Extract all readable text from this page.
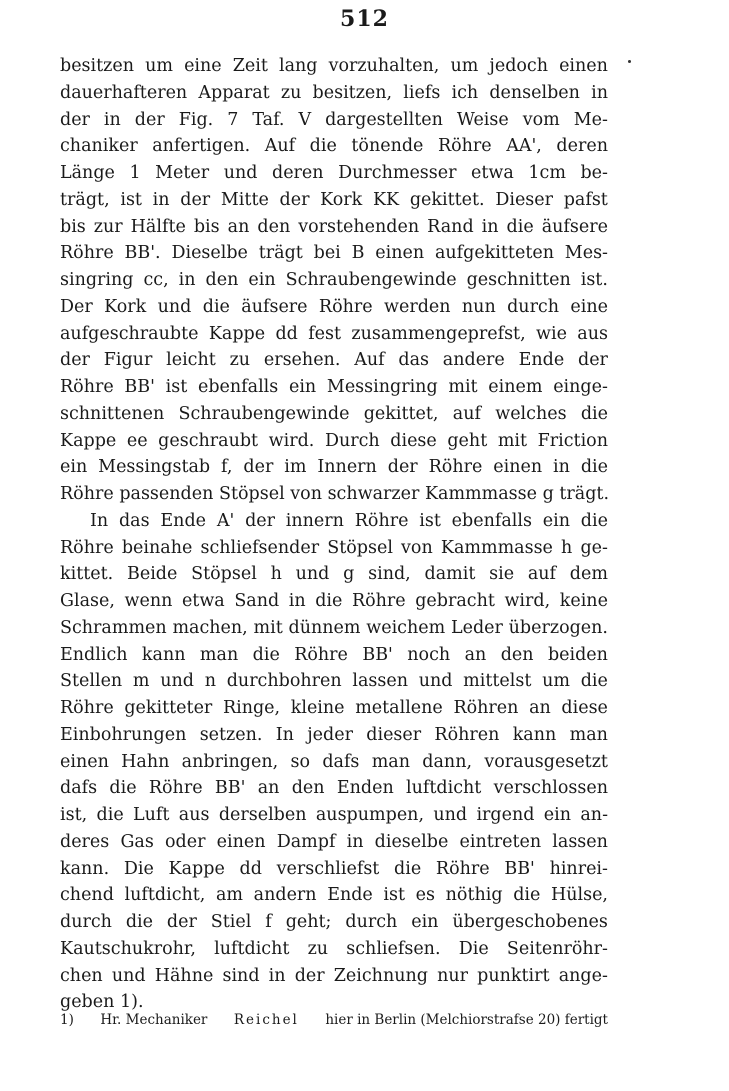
512
besitzen um eine Zeit lang vorzuhalten, um jedoch einen
dauerhafteren Apparat zu besitzen, liefs ich denselben in
der in der Fig. 7 Taf. V dargestellten Weise vom Me-
chaniker anfertigen. Auf die tönende Röhre AA', deren
Länge 1 Meter und deren Durchmesser etwa 1cm be-
trägt, ist in der Mitte der Kork KK gekittet. Dieser pafst
bis zur Hälfte bis an den vorstehenden Rand in die äufsere
Röhre BB'. Dieselbe trägt bei B einen aufgekitteten Mes-
singring cc, in den ein Schraubengewinde geschnitten ist.
Der Kork und die äufsere Röhre werden nun durch eine
aufgeschraubte Kappe dd fest zusammengeprefst, wie aus
der Figur leicht zu ersehen. Auf das andere Ende der
Röhre BB' ist ebenfalls ein Messingring mit einem einge-
schnittenen Schraubengewinde gekittet, auf welches die
Kappe ee geschraubt wird. Durch diese geht mit Friction
ein Messingstab f, der im Innern der Röhre einen in die
Röhre passenden Stöpsel von schwarzer Kammmasse g trägt.
In das Ende A' der innern Röhre ist ebenfalls ein die
Röhre beinahe schliefsender Stöpsel von Kammmasse h ge-
kittet. Beide Stöpsel h und g sind, damit sie auf dem
Glase, wenn etwa Sand in die Röhre gebracht wird, keine
Schrammen machen, mit dünnem weichem Leder überzogen.
Endlich kann man die Röhre BB' noch an den beiden
Stellen m und n durchbohren lassen und mittelst um die
Röhre gekitteter Ringe, kleine metallene Röhren an diese
Einbohrungen setzen. In jeder dieser Röhren kann man
einen Hahn anbringen, so dafs man dann, vorausgesetzt
dafs die Röhre BB' an den Enden luftdicht verschlossen
ist, die Luft aus derselben auspumpen, und irgend ein an-
deres Gas oder einen Dampf in dieselbe eintreten lassen
kann. Die Kappe dd verschliefst die Röhre BB' hinrei-
chend luftdicht, am andern Ende ist es nöthig die Hülse,
durch die der Stiel f geht; durch ein übergeschobenes
Kautschukrohr, luftdicht zu schliefsen. Die Seitenröhr-
chen und Hähne sind in der Zeichnung nur punktirt ange-
geben 1).
1) Hr. Mechaniker Reichel hier in Berlin (Melchiorstrafse 20) fertigt
